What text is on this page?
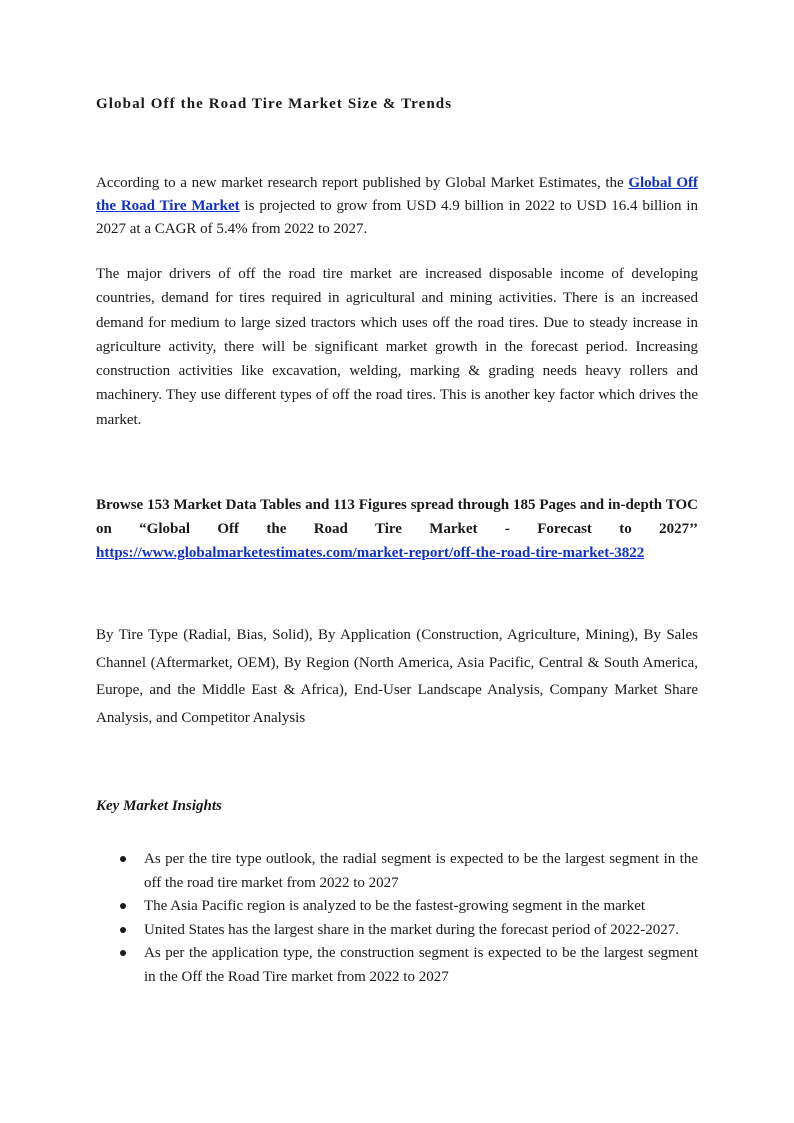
Global Off the Road Tire Market Size & Trends

According to a new market research report published by Global Market Estimates, the Global Off the Road Tire Market is projected to grow from USD 4.9 billion in 2022 to USD 16.4 billion in 2027 at a CAGR of 5.4% from 2022 to 2027.

The major drivers of off the road tire market are increased disposable income of developing countries, demand for tires required in agricultural and mining activities. There is an increased demand for medium to large sized tractors which uses off the road tires. Due to steady increase in agriculture activity, there will be significant market growth in the forecast period. Increasing construction activities like excavation, welding, marking & grading needs heavy rollers and machinery. They use different types of off the road tires. This is another key factor which drives the market.

Browse 153 Market Data Tables and 113 Figures spread through 185 Pages and in-depth TOC on “Global Off the Road Tire Market - Forecast to 2027’’ https://www.globalmarketestimates.com/market-report/off-the-road-tire-market-3822

By Tire Type (Radial, Bias, Solid), By Application (Construction, Agriculture, Mining), By Sales Channel (Aftermarket, OEM), By Region (North America, Asia Pacific, Central & South America, Europe, and the Middle East & Africa), End-User Landscape Analysis, Company Market Share Analysis, and Competitor Analysis

Key Market Insights
As per the tire type outlook, the radial segment is expected to be the largest segment in the off the road tire market from 2022 to 2027
The Asia Pacific region is analyzed to be the fastest-growing segment in the market
United States has the largest share in the market during the forecast period of 2022-2027.
As per the application type, the construction segment is expected to be the largest segment in the Off the Road Tire market from 2022 to 2027
